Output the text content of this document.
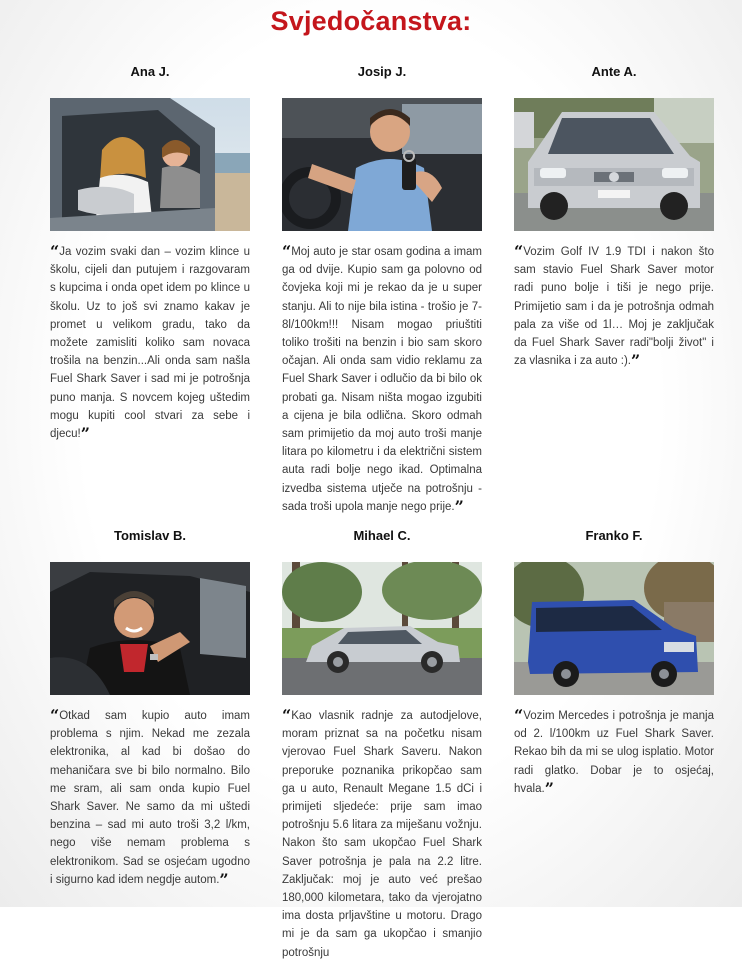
Svjedočanstva:
Ana J.
“Ja vozim svaki dan – vozim klince u školu, cijeli dan putujem i razgovaram s kupcima i onda opet idem po klince u školu. Uz to još svi znamo kakav je promet u velikom gradu, tako da možete zamisliti koliko sam novaca trošila na benzin...Ali onda sam našla Fuel Shark Saver i sad mi je potrošnja puno manja. S novcem kojeg uštedim mogu kupiti cool stvari za sebe i djecu!”
Josip J.
“Moj auto je star osam godina a imam ga od dvije. Kupio sam ga polovno od čovjeka koji mi je rekao da je u super stanju. Ali to nije bila istina - trošio je 7-8l/100km!!! Nisam mogao priuštiti toliko trošiti na benzin i bio sam skoro očajan. Ali onda sam vidio reklamu za Fuel Shark Saver i odlučio da bi bilo ok probati ga. Nisam ništa mogao izgubiti a cijena je bila odlična. Skoro odmah sam primijetio da moj auto troši manje litara po kilometru i da električni sistem auta radi bolje nego ikad. Optimalna izvedba sistema utječe na potrošnju - sada troši upola manje nego prije.”
Ante A.
“Vozim Golf IV 1.9 TDI i nakon što sam stavio Fuel Shark Saver motor radi puno bolje i tiši je nego prije. Primijetio sam i da je potrošnja odmah pala za više od 1l… Moj je zaključak da Fuel Shark Saver radi"bolji život" i za vlasnika i za auto :).”
Tomislav B.
“Otkad sam kupio auto imam problema s njim. Nekad me zezala elektronika, al kad bi došao do mehaničara sve bi bilo normalno. Bilo me sram, ali sam onda kupio Fuel Shark Saver. Ne samo da mi uštedi benzina – sad mi auto troši 3,2 l/km, nego više nemam problema s elektronikom. Sad se osjećam ugodno i sigurno kad idem negdje autom.”
Mihael C.
“Kao vlasnik radnje za autodjelove, moram priznat sa na početku nisam vjerovao Fuel Shark Saveru. Nakon preporuke poznanika prikopčao sam ga u auto, Renault Megane 1.5 dCi i primijeti sljedeće: prije sam imao potrošnju 5.6 litara za miješanu vožnju. Nakon što sam ukopčao Fuel Shark Saver potrošnja je pala na 2.2 litre. Zaključak: moj je auto već prešao 180,000 kilometara, tako da vjerojatno ima dosta prljavštine u motoru. Drago mi je da sam ga ukopčao i smanjio potrošnju
Franko F.
“Vozim Mercedes i potrošnja je manja od 2. l/100km uz Fuel Shark Saver. Rekao bih da mi se ulog isplatio. Motor radi glatko. Dobar je to osjećaj, hvala.”
